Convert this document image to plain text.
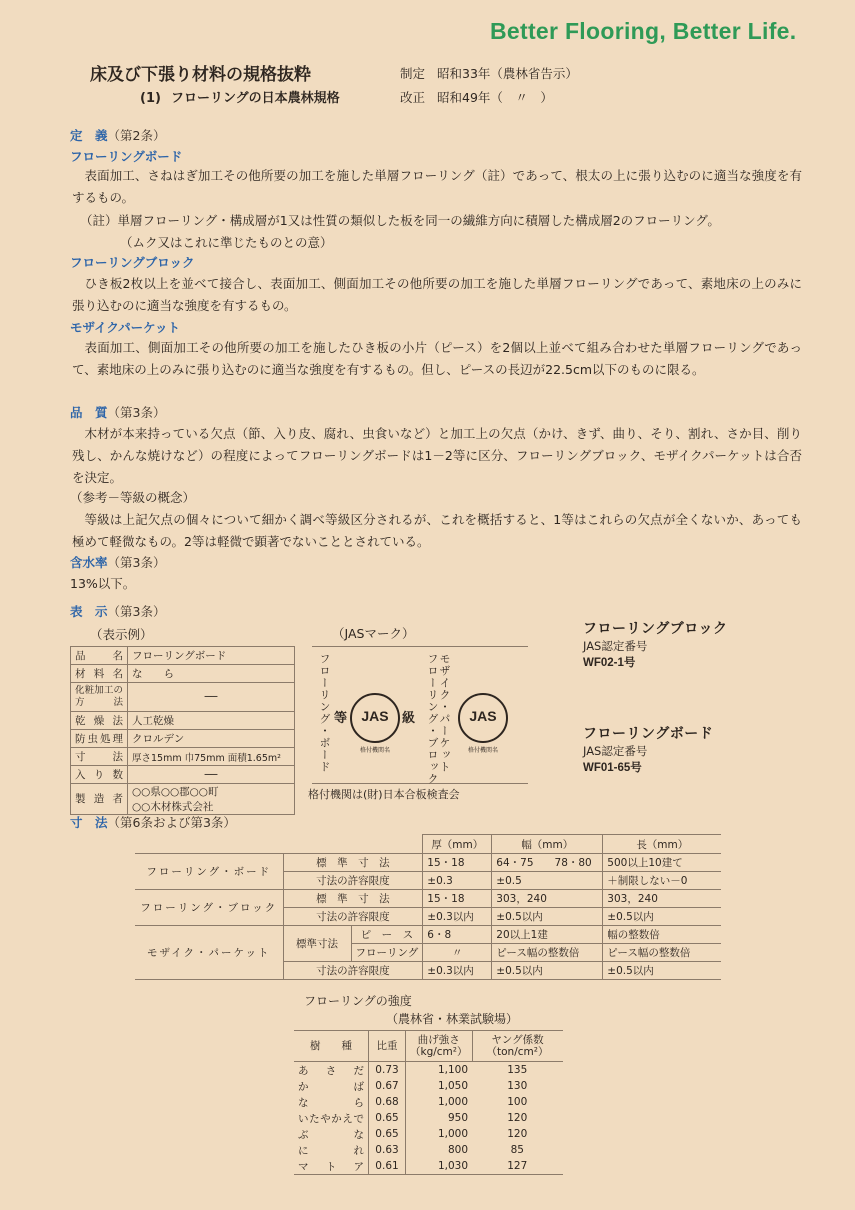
Better Flooring, Better Life.
床及び下張り材料の規格抜粋
(1) フローリングの日本農林規格
制定 昭和33年（農林省告示）
改正 昭和49年（　〃　）
定　義（第2条）
フローリングボード
表面加工、さねはぎ加工その他所要の加工を施した単層フローリング（註）であって、根太の上に張り込むのに適当な強度を有するもの。
（註）単層フローリング・構成層が1又は性質の類似した板を同一の繊維方向に積層した構成層2のフローリング。
（ムク又はこれに準じたものとの意）
フローリングブロック
ひき板2枚以上を並べて接合し、表面加工、側面加工その他所要の加工を施した単層フローリングであって、素地床の上のみに張り込むのに適当な強度を有するもの。
モザイクパーケット
表面加工、側面加工その他所要の加工を施したひき板の小片（ピース）を2個以上並べて組み合わせた単層フローリングであって、素地床の上のみに張り込むのに適当な強度を有するもの。但し、ピースの長辺が22.5cm以下のものに限る。
品　質（第3条）
木材が本来持っている欠点（節、入り皮、腐れ、虫食いなど）と加工上の欠点（かけ、きず、曲り、そり、割れ、さか目、削り残し、かんな焼けなど）の程度によってフローリングボードは1－2等に区分、フローリングブロック、モザイクパーケットは合否を決定。
（参考－等級の概念）
等級は上記欠点の個々について細かく調べ等級区分されるが、これを概括すると、1等はこれらの欠点が全くないか、あっても極めて軽微なもの。2等は軽微で顕著でないこととされている。
含水率（第3条）
13%以下。
表　示（第3条）
（表示例）
品　名	フローリングボード
材料名	な　　ら
化粧加工の方法	──
乾燥法	人工乾燥
防虫処理	クロルデン
寸　法	厚さ15mm 巾75mm 面積1.65m²
入り数	──
製造者	○○県○○郡○○町
	○○木材株式会社
（JASマーク）
フローリング・ボード 等	JAS
格付機関名
級 モザイク・パーケット
フローリング・ブロック	JAS
格付機関名
格付機関は(財)日本合板検査会
フローリングブロック
JAS認定番号
WF02-1号
フローリングボード
JAS認定番号
WF01-65号
寸　法（第6条および第3条）
			厚（mm）	幅（mm）	長（mm）
フローリング・ボード	標　準　寸　法		15・18	64・75　　78・80	500以上10建て
	寸法の許容限度		±0.3	±0.5	＋制限しない－0
フローリング・ブロック	標　準　寸　法		15・18	303，240	303，240
	寸法の許容限度		±0.3以内	±0.5以内	±0.5以内
モザイク・パーケット	標準寸法	ピ　ー　ス	6・8	20以上1建	幅の整数倍
		フローリング	〃	ピース幅の整数倍	ピース幅の整数倍
	寸法の許容限度		±0.3以内	±0.5以内	±0.5以内
フローリングの強度
（農林省・林業試験場）
樹　　種	比重	曲げ強さ（kg/cm²）	ヤング係数（ton/cm²）
あさだ	0.73	1,100	135
かば	0.67	1,050	130
なら	0.68	1,000	100
いたやかえで	0.65	950	120
ぶな	0.65	1,000	120
にれ	0.63	800	85
マトア	0.61	1,030	127
